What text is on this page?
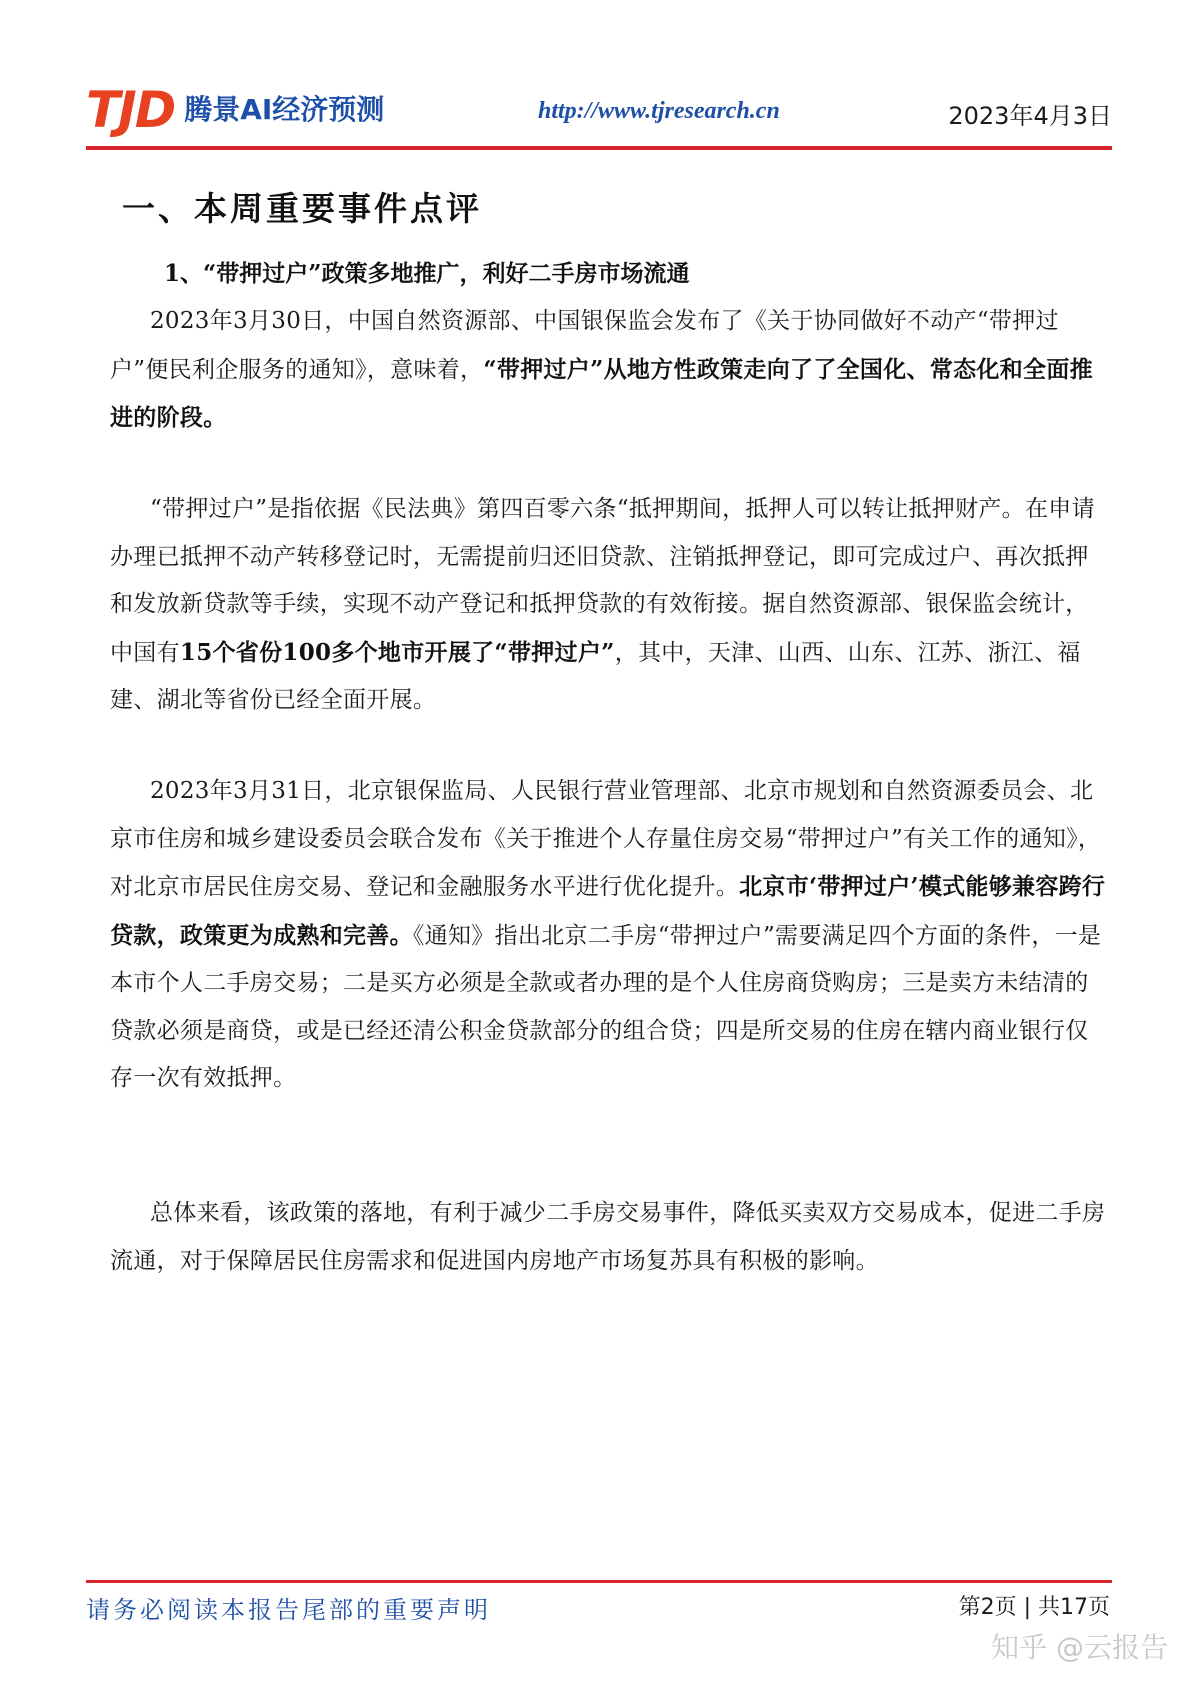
TJD 腾景AI经济预测	http://www.tjresearch.cn	2023年4月3日
一、本周重要事件点评
1、“带押过户”政策多地推广，利好二手房市场流通

2023年3月30日，中国自然资源部、中国银保监会发布了《关于协同做好不动产“带押过户”便民利企服务的通知》，意味着，“带押过户”从地方性政策走向了了全国化、常态化和全面推进的阶段。

“带押过户”是指依据《民法典》第四百零六条“抵押期间，抵押人可以转让抵押财产。在申请办理已抵押不动产转移登记时，无需提前归还旧贷款、注销抵押登记，即可完成过户、再次抵押和发放新贷款等手续，实现不动产登记和抵押贷款的有效衔接。据自然资源部、银保监会统计，中国有15个省份100多个地市开展了“带押过户”，其中，天津、山西、山东、江苏、浙江、福建、湖北等省份已经全面开展。

2023年3月31日，北京银保监局、人民银行营业管理部、北京市规划和自然资源委员会、北京市住房和城乡建设委员会联合发布《关于推进个人存量住房交易“带押过户”有关工作的通知》，对北京市居民住房交易、登记和金融服务水平进行优化提升。北京市‘带押过户’模式能够兼容跨行贷款，政策更为成熟和完善。《通知》指出北京二手房“带押过户”需要满足四个方面的条件，一是本市个人二手房交易；二是买方必须是全款或者办理的是个人住房商贷购房；三是卖方未结清的贷款必须是商贷，或是已经还清公积金贷款部分的组合贷；四是所交易的住房在辖内商业银行仅存一次有效抵押。

总体来看，该政策的落地，有利于减少二手房交易事件，降低买卖双方交易成本，促进二手房流通，对于保障居民住房需求和促进国内房地产市场复苏具有积极的影响。

请务必阅读本报告尾部的重要声明	第2页 | 共17页
知乎 @云报告
